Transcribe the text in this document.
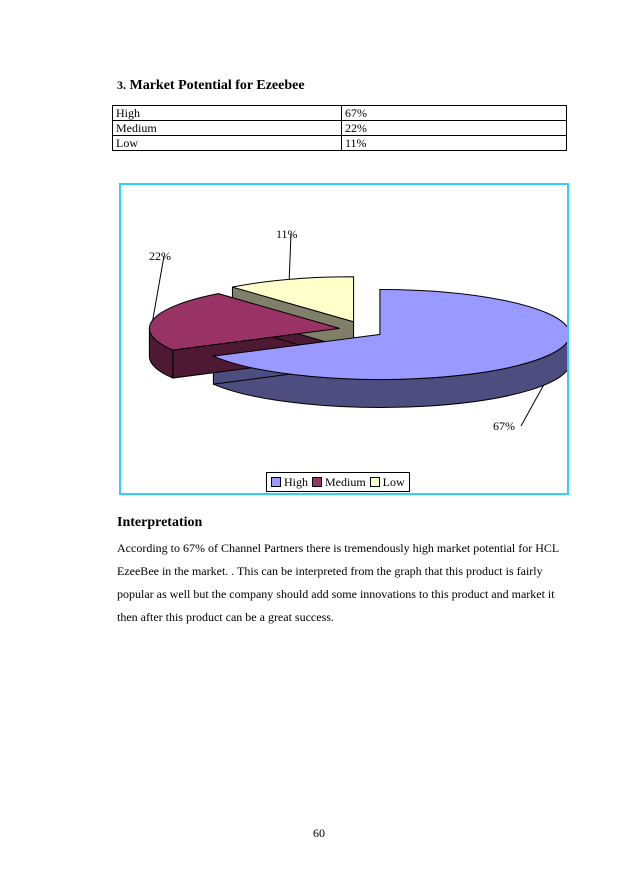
3. Market Potential for Ezeebee
High	67%
Medium	22%
Low	11%
67%
22%
11%
High Medium Low
Interpretation
According to 67% of Channel Partners there is tremendously high market potential for HCL EzeeBee in the market. . This can be interpreted from the graph that this product is fairly popular as well but the company should add some innovations to this product and market it then after this product can be a great success.
60
